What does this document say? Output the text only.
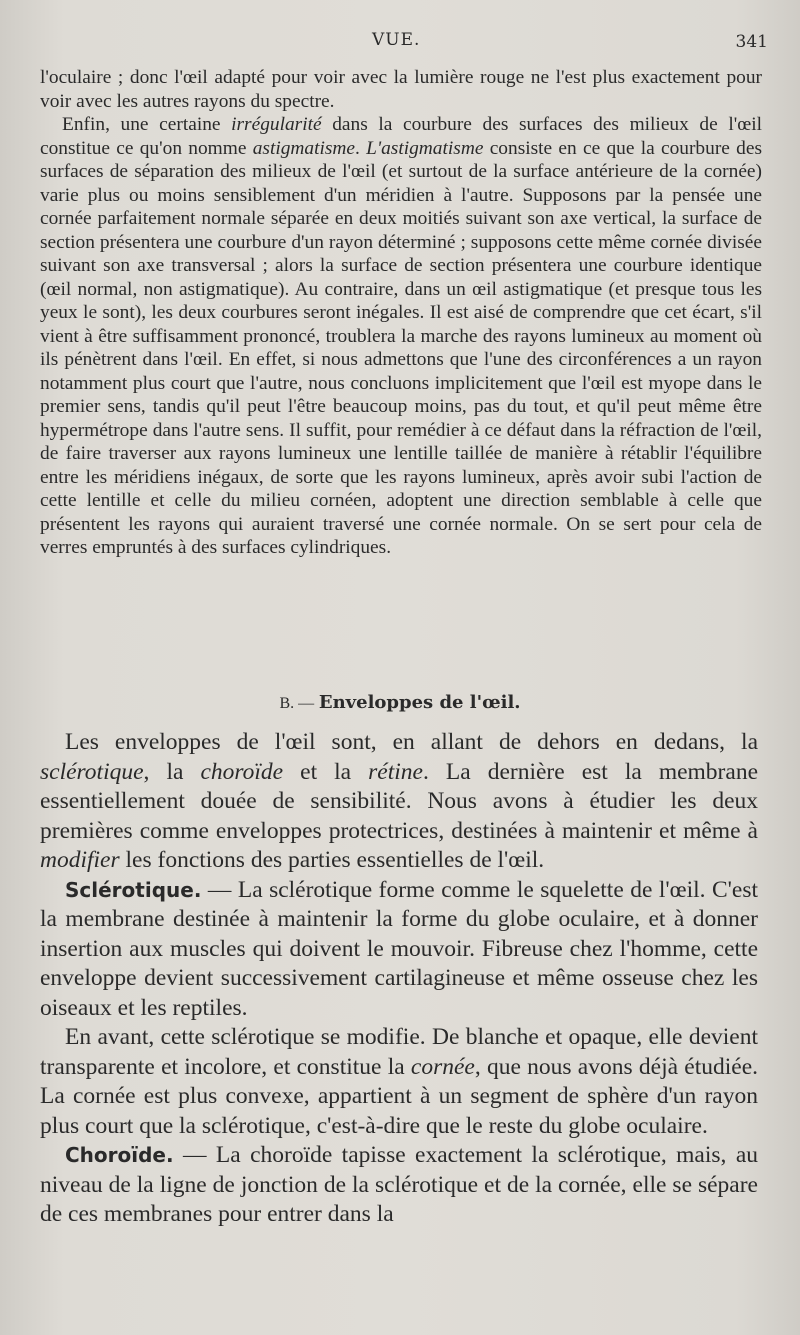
VUE.	341

l'oculaire ; donc l'œil adapté pour voir avec la lumière rouge ne l'est plus exactement pour voir avec les autres rayons du spectre.

Enfin, une certaine irrégularité dans la courbure des surfaces des milieux de l'œil constitue ce qu'on nomme astigmatisme. L'astigmatisme consiste en ce que la courbure des surfaces de séparation des milieux de l'œil (et surtout de la surface antérieure de la cornée) varie plus ou moins sensiblement d'un méridien à l'autre. Supposons par la pensée une cornée parfaitement normale séparée en deux moitiés suivant son axe vertical, la surface de section présentera une courbure d'un rayon déterminé ; supposons cette même cornée divisée suivant son axe transversal ; alors la surface de section présentera une courbure identique (œil normal, non astigmatique). Au contraire, dans un œil astigmatique (et presque tous les yeux le sont), les deux courbures seront inégales. Il est aisé de comprendre que cet écart, s'il vient à être suffisamment prononcé, troublera la marche des rayons lumineux au moment où ils pénètrent dans l'œil. En effet, si nous admettons que l'une des circonférences a un rayon notamment plus court que l'autre, nous concluons implicitement que l'œil est myope dans le premier sens, tandis qu'il peut l'être beaucoup moins, pas du tout, et qu'il peut même être hypermétrope dans l'autre sens. Il suffit, pour remédier à ce défaut dans la réfraction de l'œil, de faire traverser aux rayons lumineux une lentille taillée de manière à rétablir l'équilibre entre les méridiens inégaux, de sorte que les rayons lumineux, après avoir subi l'action de cette lentille et celle du milieu cornéen, adoptent une direction semblable à celle que présentent les rayons qui auraient traversé une cornée normale. On se sert pour cela de verres empruntés à des surfaces cylindriques.

B. — Enveloppes de l'œil.

Les enveloppes de l'œil sont, en allant de dehors en dedans, la sclérotique, la choroïde et la rétine. La dernière est la membrane essentiellement douée de sensibilité. Nous avons à étudier les deux premières comme enveloppes protectrices, destinées à maintenir et même à modifier les fonctions des parties essentielles de l'œil.

Sclérotique. — La sclérotique forme comme le squelette de l'œil. C'est la membrane destinée à maintenir la forme du globe oculaire, et à donner insertion aux muscles qui doivent le mouvoir. Fibreuse chez l'homme, cette enveloppe devient successivement cartilagineuse et même osseuse chez les oiseaux et les reptiles.

En avant, cette sclérotique se modifie. De blanche et opaque, elle devient transparente et incolore, et constitue la cornée, que nous avons déjà étudiée. La cornée est plus convexe, appartient à un segment de sphère d'un rayon plus court que la sclérotique, c'est-à-dire que le reste du globe oculaire.

Choroïde. — La choroïde tapisse exactement la sclérotique, mais, au niveau de la ligne de jonction de la sclérotique et de la cornée, elle se sépare de ces membranes pour entrer dans la
